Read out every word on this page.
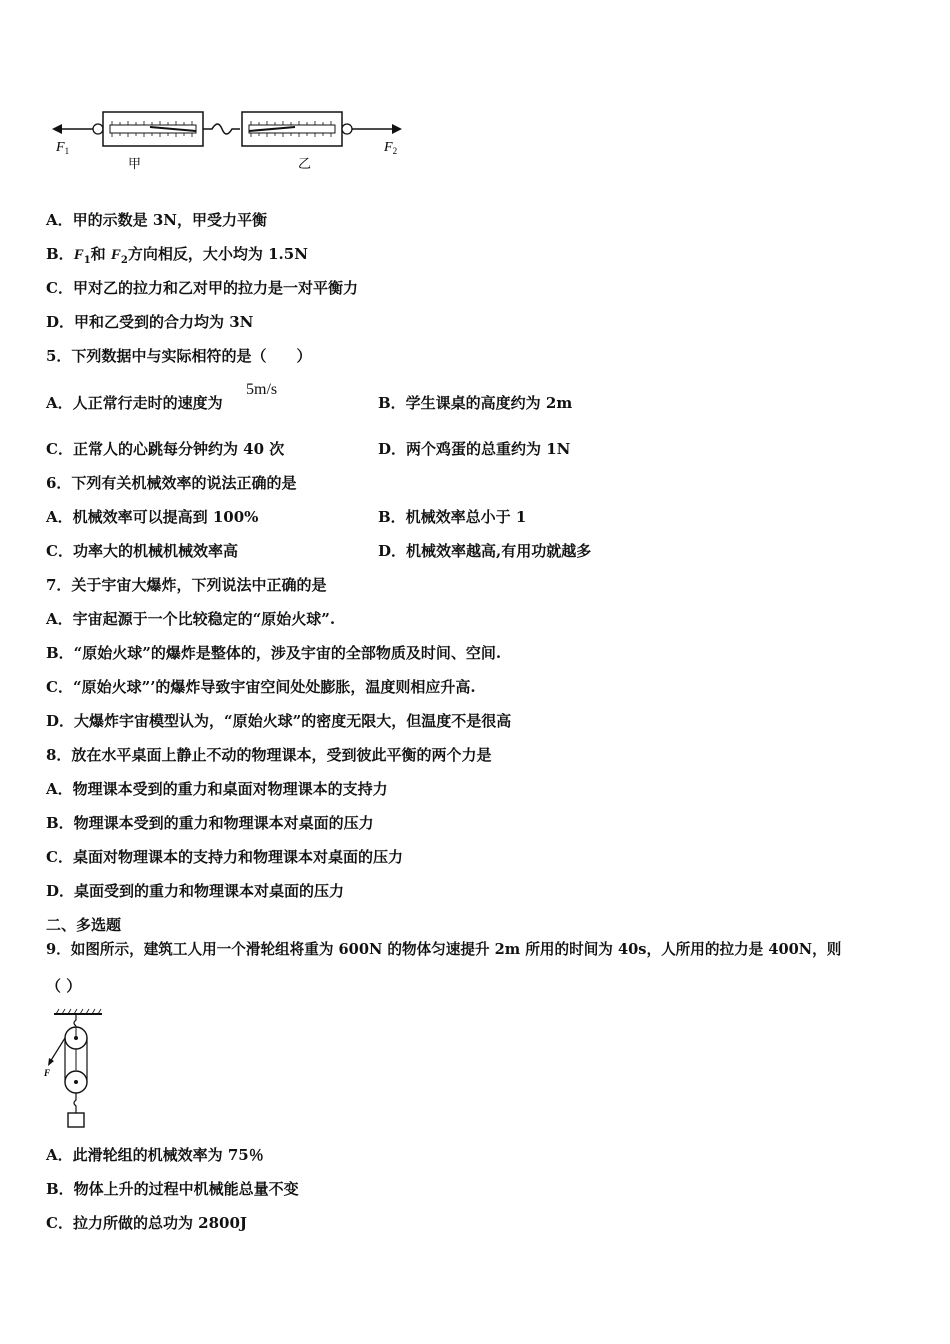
$F_1$	$F_2$
甲	乙
A．甲的示数是 3N，甲受力平衡
B．$F_1$和 $F_2$方向相反，大小均为 1.5N
C．甲对乙的拉力和乙对甲的拉力是一对平衡力
D．甲和乙受到的合力均为 3N
5．下列数据中与实际相符的是（　　）
A．人正常行走时的速度为
5m/s
B．学生课桌的高度约为 2m
C．正常人的心跳每分钟约为 40 次	D．两个鸡蛋的总重约为 1N
6．下列有关机械效率的说法正确的是
A．机械效率可以提高到 100%	B．机械效率总小于 1
C．功率大的机械机械效率高	D．机械效率越高,有用功就越多
7．关于宇宙大爆炸，下列说法中正确的是
A．宇宙起源于一个比较稳定的“原始火球”.
B．“原始火球”的爆炸是整体的，涉及宇宙的全部物质及时间、空间.
C．“原始火球”’的爆炸导致宇宙空间处处膨胀，温度则相应升高.
D．大爆炸宇宙模型认为，“原始火球”的密度无限大，但温度不是很高
8．放在水平桌面上静止不动的物理课本，受到彼此平衡的两个力是
A．物理课本受到的重力和桌面对物理课本的支持力
B．物理课本受到的重力和物理课本对桌面的压力
C．桌面对物理课本的支持力和物理课本对桌面的压力
D．桌面受到的重力和物理课本对桌面的压力
二、多选题
9．如图所示，建筑工人用一个滑轮组将重为 600N 的物体匀速提升 2m 所用的时间为 40s，人所用的拉力是 400N，则
（ ）
F
A．此滑轮组的机械效率为 75％
B．物体上升的过程中机械能总量不变
C．拉力所做的总功为 2800J
